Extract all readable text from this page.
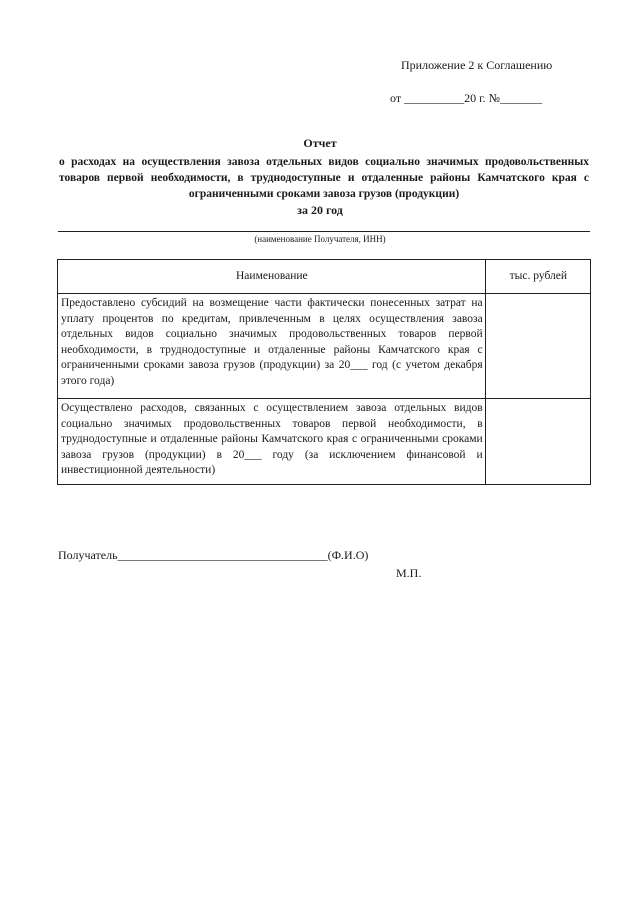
Приложение 2 к Соглашению
от __________20 г. №_______
Отчет
о расходах на осуществления завоза отдельных видов социально значимых продовольственных товаров первой необходимости, в труднодоступные и отдаленные районы Камчатского края с ограниченными сроками завоза грузов (продукции)
за 20 год
(наименование Получателя, ИНН)
Наименование	тыс. рублей
Предоставлено субсидий на возмещение части фактически понесенных затрат на уплату процентов по кредитам, привлеченным в целях осуществления завоза отдельных видов социально значимых продовольственных товаров первой необходимости, в труднодоступные и отдаленные районы Камчатского края с ограниченными сроками завоза грузов (продукции) за 20___ год (с учетом декабря этого года)	
Осуществлено расходов, связанных с осуществлением завоза отдельных видов социально значимых продовольственных товаров первой необходимости, в труднодоступные и отдаленные районы Камчатского края с ограниченными сроками завоза грузов (продукции) в 20___ году (за исключением финансовой и инвестиционной деятельности)	
Получатель___________________________________(Ф.И.О)
М.П.
